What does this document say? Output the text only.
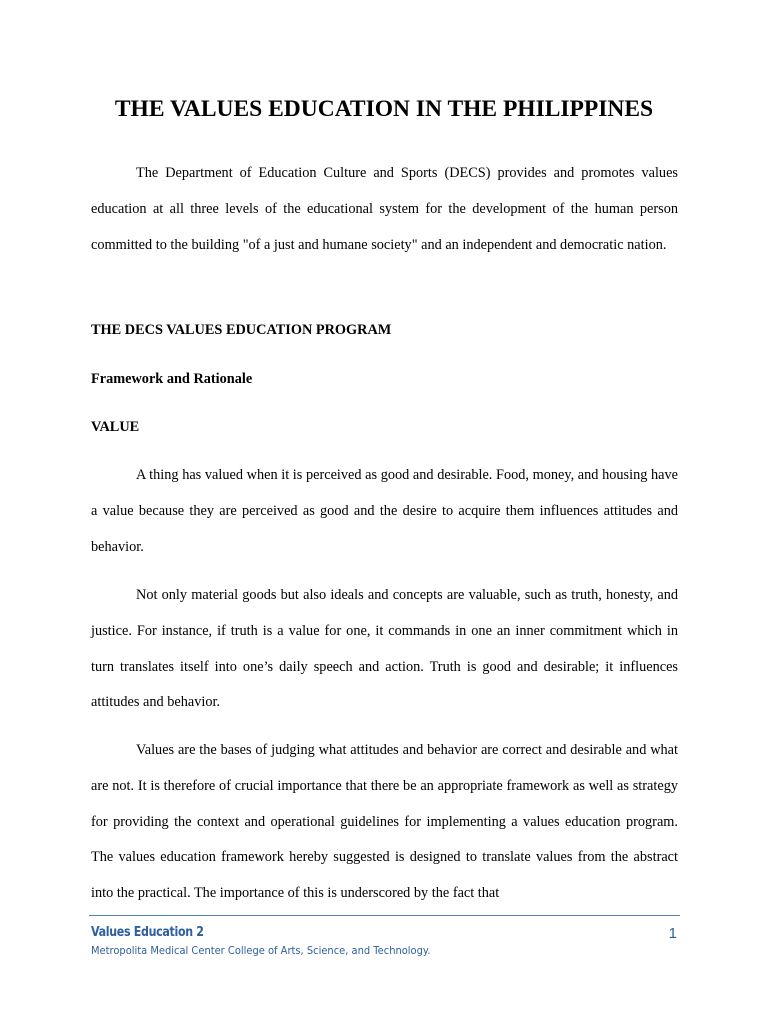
THE VALUES EDUCATION IN THE PHILIPPINES

The Department of Education Culture and Sports (DECS) provides and promotes values education at all three levels of the educational system for the development of the human person committed to the building "of a just and humane society" and an independent and democratic nation.

THE DECS VALUES EDUCATION PROGRAM
Framework and Rationale
VALUE

A thing has valued when it is perceived as good and desirable. Food, money, and housing have a value because they are perceived as good and the desire to acquire them influences attitudes and behavior.

Not only material goods but also ideals and concepts are valuable, such as truth, honesty, and justice. For instance, if truth is a value for one, it commands in one an inner commitment which in turn translates itself into one’s daily speech and action. Truth is good and desirable; it influences attitudes and behavior.

Values are the bases of judging what attitudes and behavior are correct and desirable and what are not. It is therefore of crucial importance that there be an appropriate framework as well as strategy for providing the context and operational guidelines for implementing a values education program. The values education framework hereby suggested is designed to translate values from the abstract into the practical. The importance of this is underscored by the fact that

Values Education 2	1
Metropolita Medical Center College of Arts, Science, and Technology.
